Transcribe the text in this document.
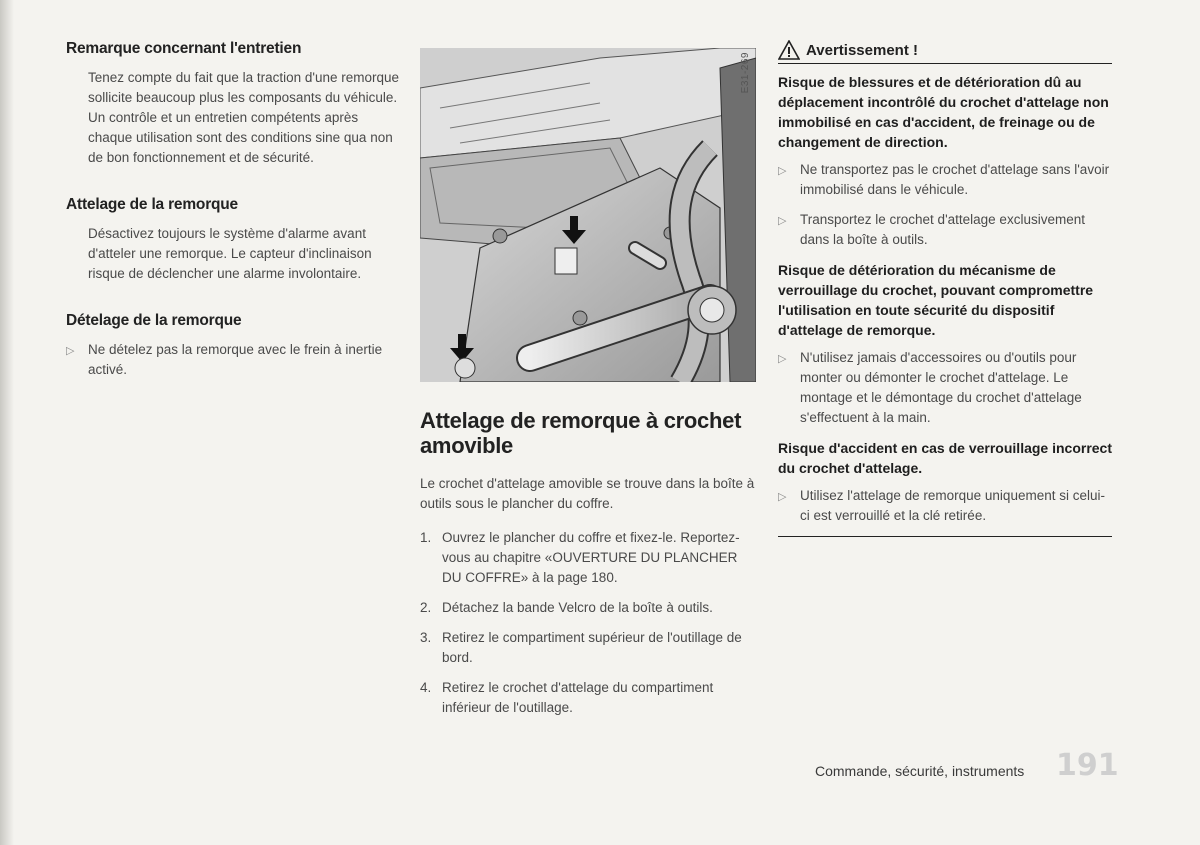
Remarque concernant l'entretien
Tenez compte du fait que la traction d'une remorque sollicite beaucoup plus les composants du véhicule. Un contrôle et un entretien compétents après chaque utilisation sont des conditions sine qua non de bon fonctionnement et de sécurité.
Attelage de la remorque
Désactivez toujours le système d'alarme avant d'atteler une remorque. Le capteur d'inclinaison risque de déclencher une alarme involontaire.
Dételage de la remorque
▷	Ne dételez pas la remorque avec le frein à inertie activé.
E31-269
Attelage de remorque à crochet amovible
Le crochet d'attelage amovible se trouve dans la boîte à outils sous le plancher du coffre.
1. Ouvrez le plancher du coffre et fixez-le. Reportez-vous au chapitre «OUVERTURE DU PLANCHER DU COFFRE» à la page 180.
2. Détachez la bande Velcro de la boîte à outils.
3. Retirez le compartiment supérieur de l'outillage de bord.
4. Retirez le crochet d'attelage du compartiment inférieur de l'outillage.
Avertissement !
Risque de blessures et de détérioration dû au déplacement incontrôlé du crochet d'attelage non immobilisé en cas d'accident, de freinage ou de changement de direction.
▷	Ne transportez pas le crochet d'attelage sans l'avoir immobilisé dans le véhicule.
▷	Transportez le crochet d'attelage exclusivement dans la boîte à outils.
Risque de détérioration du mécanisme de verrouillage du crochet, pouvant compromettre l'utilisation en toute sécurité du dispositif d'attelage de remorque.
▷	N'utilisez jamais d'accessoires ou d'outils pour monter ou démonter le crochet d'attelage. Le montage et le démontage du crochet d'attelage s'effectuent à la main.
Risque d'accident en cas de verrouillage incorrect du crochet d'attelage.
▷	Utilisez l'attelage de remorque uniquement si celui-ci est verrouillé et la clé retirée.
Commande, sécurité, instruments 191
